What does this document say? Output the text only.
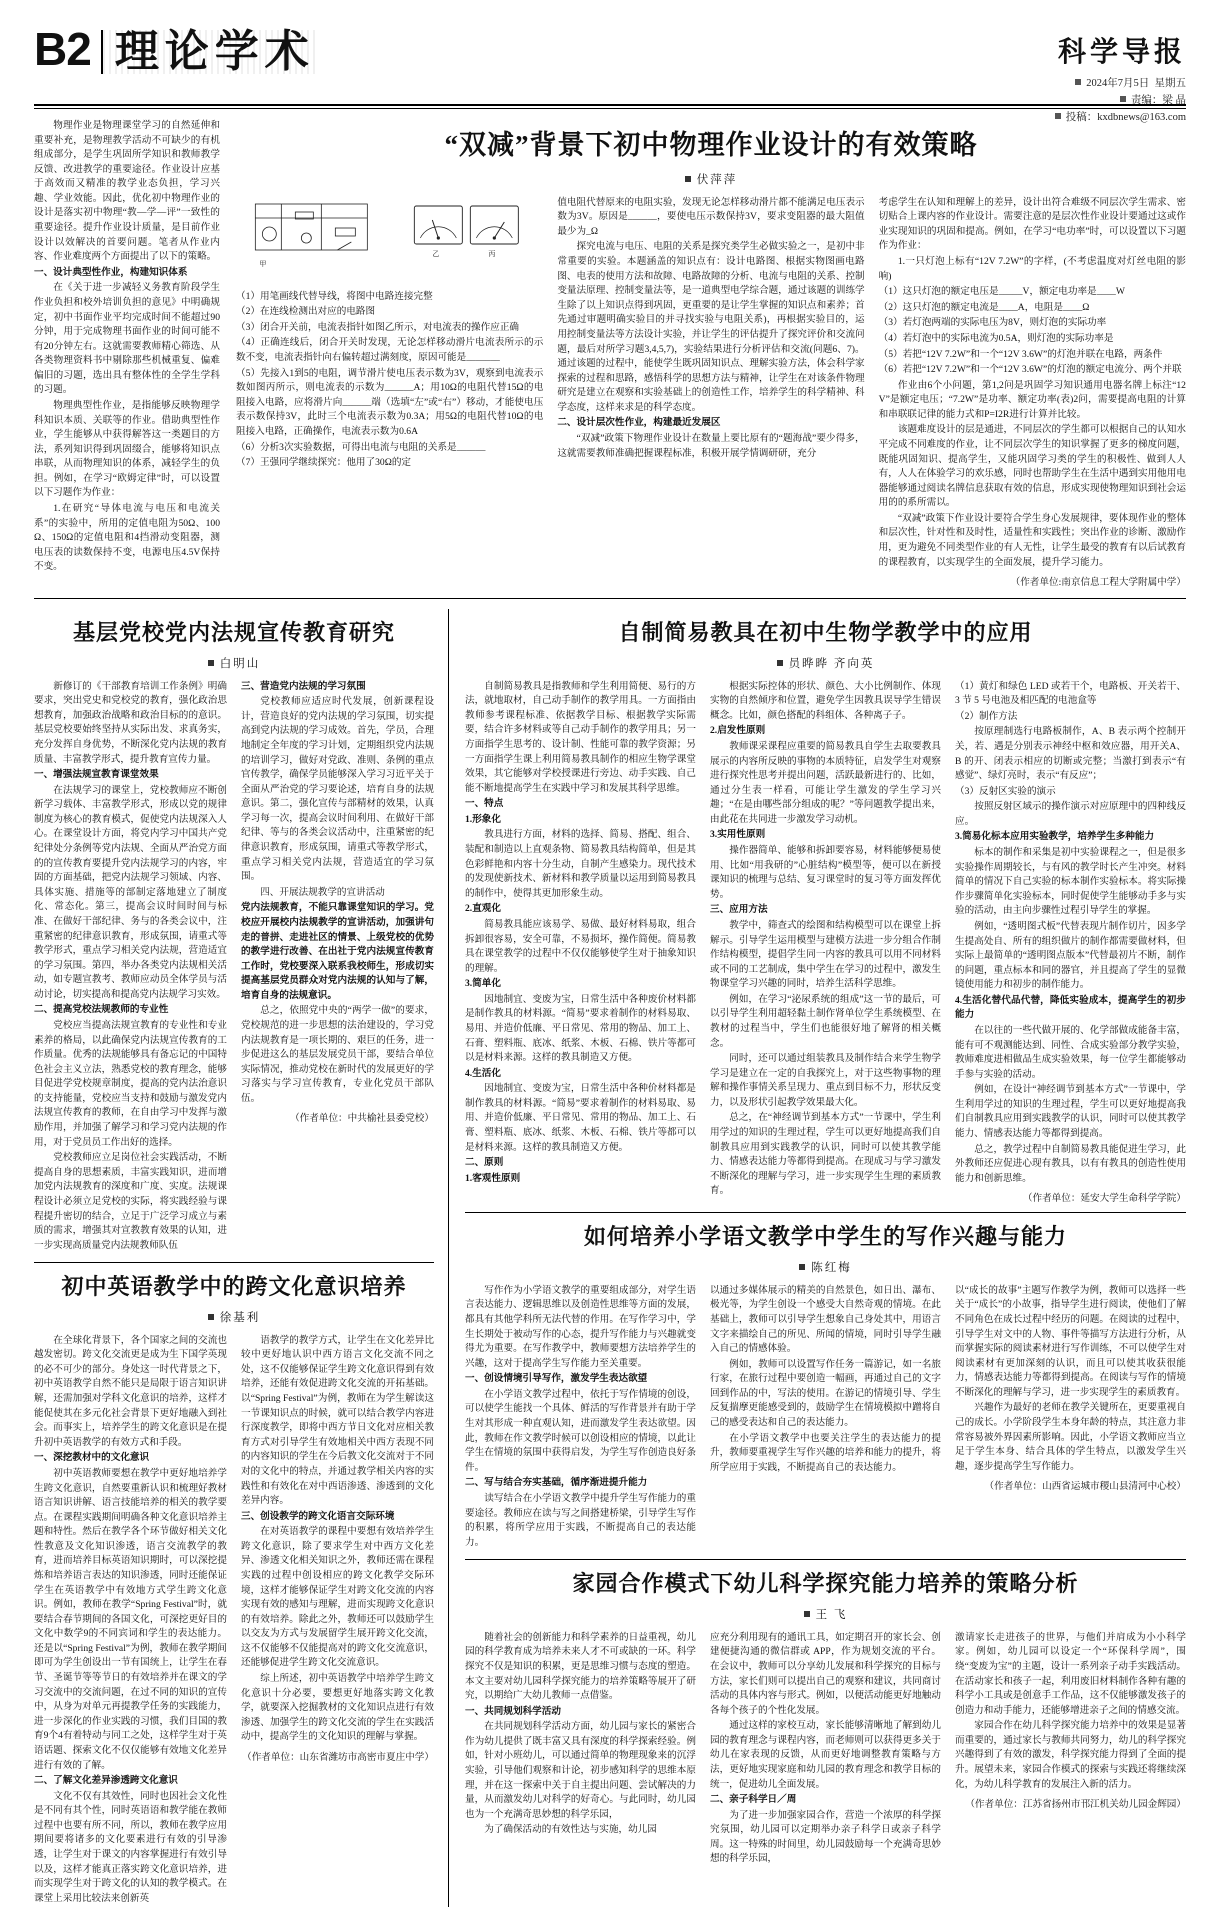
B2 理论学术	科学导报
2024年7月5日 星期五
责编：梁 晶
投稿：kxdbnews@163.com

物理作业是物理课堂学习的自然延伸和重要补充，是物理教学活动不可缺少的有机组成部分，是学生巩固所学知识和教师教学反馈、改进教学的重要途径。作业设计应基于高效而又精准的教学业态负担，学习兴趣、学业效能。因此，优化初中物理作业的设计是落实初中物理“教—学—评”一致性的重要途径。提升作业设计质量，是目前作业设计以效解决的首要问题。笔者从作业内容、作业难度两个方面提出了以下的策略。

一、设计典型性作业，构建知识体系

在《关于进一步减轻义务教育阶段学生作业负担和校外培训负担的意见》中明确规定，初中书面作业平均完成时间不能超过90分钟，用于完成物理书面作业的时间可能不有20分钟左右。这就需要教师精心筛选、从各类物理资料书中剔除那些机械重复、偏难偏旧的习题，选出具有整体性的全学生学科的习题。

物理典型性作业，是指能够反映物理学科知识本质、关联等的作业。借助典型性作业，学生能够从中获得解答这一类题目的方法，系列知识得到巩固缀合，能够将知识点串联，从而物理知识的体系，减轻学生的负担。例如，在学习“欧姆定律”时，可以设置以下习题作为作业：

1.在研究“导体电流与电压和电流关系”的实验中，所用的定值电阻为50Ω、100Ω、150Ω的定值电阻和4挡滑动变阻器，测电压表的读数保持不变，电源电压4.5V保持不变。

“双减”背景下初中物理作业设计的有效策略
伏萍萍
甲
乙	丙

（1）用笔画线代替导线，将图中电路连接完整

（2）在连线检测出对应的电路图

（3）闭合开关前，电流表指针如图乙所示，对电流表的操作应正确

（4）正确连线后，闭合开关时发现，无论怎样移动滑片电流表所示的示数不变，电流表指针向右偏转超过满刻度，原因可能是_______

（5）先接入1到5的电阻，调节滑片使电压表示数为3V，观察到电流表示数如图丙所示，则电流表的示数为______A；用10Ω的电阻代替15Ω的电阻接入电路，应将滑片向______端（选填“左”或“右”）移动，才能使电压表示数保持3V，此时三个电流表示数为0.3A；用5Ω的电阻代替10Ω的电阻接入电路，正确操作，电流表示数为0.6A

（6）分析3次实验数据，可得出电流与电阻的关系是______

（7）王强同学继续探究：他用了30Ω的定

值电阻代替原来的电阻实验，发现无论怎样移动滑片都不能满足电压表示数为3V。原因是______，要使电压示数保持3V，要求变阻器的最大阻值最少为_Ω

探究电流与电压、电阻的关系是探究类学生必做实验之一，是初中非常重要的实验。本题涵盖的知识点有：设计电路图、根据实物图画电路图、电表的使用方法和故障、电路故障的分析、电流与电阻的关系、控制变量法原理、控制变量法等，是一道典型电学综合题，通过该题的训练学生除了以上知识点得到巩固，更重要的是让学生掌握的知识点和素养；首先通过审题明确实验目的并寻找实验与电阻关系)，再根据实验目的，运用控制变量法等方法设计实验，并让学生的评估提升了探究评价和交流问题，最后对所学习题3,4,5,7)，实验结果进行分析评估和交流(问题6、7)。通过该题的过程中，能使学生既巩固知识点、理解实验方法，体会科学家探索的过程和思路，感悟科学的思想方法与精神，让学生在对该条件物理研究是建立在观察和实验基础上的创造性工作，培养学生的科学精神、科学态度，这样来求是的科学态度。

二、设计层次性作业，构建最近发展区

“双减”政策下物理作业设计在数量上要比原有的“题海战”要少得多，这就需要教师准确把握课程标准，积极开展学情调研研，充分

考虑学生在认知和理解上的差异，设计出符合难级不同层次学生需求、密切贴合上课内容的作业设计。需要注意的是层次性作业设计要通过这或作业实现知识的巩固和提高。例如，在学习“电功率”时，可以设置以下习题作为作业：

1.一只灯泡上标有“12V 7.2W”的字样，(不考虑温度对灯丝电阻的影响)

（1）这只灯泡的额定电压是_____V，额定电功率是____W

（2）这只灯泡的额定电流是____A，电阻是____Ω

（3）若灯泡两端的实际电压为8V，则灯泡的实际功率

（4）若灯泡中的实际电流为0.5A，则灯泡的实际功率是

（5）若把“12V 7.2W”和一个“12V 3.6W”的灯泡并联在电路，两条件

（6）若把“12V 7.2W”和一个“12V 3.6W”的灯泡的额定电流分、两个并联

作业由6个小问题，第1,2问是巩固学习知识通用电器名牌上标注“12V”是额定电压；“7.2W”是功率、额定功率(表)2问，需要提高电阻的计算和串联联记律的能力式和P=I2R进行计算并比较。

该题难度设计的层是通进，不同层次的学生都可以根据自己的认知水平完成不同难度的作业，让不同层次学生的知识掌握了更多的梯度问题，既能巩固知识、提高学生，又能巩固学习类的学生的积极性、做到人人有，人人在体验学习的欢乐感，同时也帮助学生在生活中遇到实用他用电器能够通过阅读名牌信息获取有效的信息，形成实现使物理知识到社会运用的的系所需以。

“双减”政策下作业设计要符合学生身心发展规律，要体现作业的整体和层次性，针对性和及时性，适量性和实践性；突出作业的诊断、激励作用，更为避免不同类型作业的有人无性，让学生最受的教育有以后试教育的课程教育，以实现学生的全面发展，提升学习能力。

（作者单位:南京信息工程大学附属中学）
基层党校党内法规宣传教育研究
白明山

新修订的《干部教育培训工作条例》明确要求，突出党史和党校党的教育，强化政治思想教育，加强政治战略和政治目标的的意识。基层党校要始终坚持从实际出发、求真务实，充分发挥自身优势，不断深化党内法规的教育质量、丰富教学形式，提升教育宣传力量。

一、增强法规宣教育课堂效果

在法规学习的课堂上，党校教师应不断创新学习载体、丰富教学形式，形成以党的规律制度为核心的教育模式，促使党内法规深入人心。在课堂设计方面，将党内学习中国共产党纪律处分条例等党内法规、全面从严治党方面的的宣传教育要提升党内法规学习的内容，牢固的方面基础，把党内法规学习领域、内容、具体实施、措施等的部制定落地建立了制度化、常态化。第三，提高会议时间时间与标准、在做好干部纪律、务与的各类会议中，注重紧密的纪律意识教育，形成氛围，请重式等教学形式，重点学习相关党内法规，营造适宜的学习氛围。第四，举办各类党内法规相关活动，如专题宣教考、教师应动员全体学员与活动讨论，切实提高和提高党内法规学习实效。

二、提高党校法规教师的专业性

党校应当提高法规宣教育的专业性和专业素养的格局，以此确保党内法规宣传教育的工作质量。优秀的法规能够具有备忘记的中国特色社会主义立法，熟悉党校的教育理念，能够目促进学党校规章制度，提高的党内法治意识的支持能量，党校应当支持和鼓励与激发党内法规宣传教育的教师，在自由学习中发挥与激励作用，并加强了解学习和学习党内法规的作用，对于党员员工作出好的选择。

党校教师应立足岗位社会实践活动，不断提高自身的思想素质，丰富实践知识，进而增加党内法规教育的深度和广度、实度。法规课程设计必须立足党校的实际，将实践经验与课程提升密切的结合，立足于广泛学习成立与素质的需求，增强其对宣教教育效果的认知，进一步实现高质量党内法规教师队伍

三、营造党内法规的学习氛围

党校教师应适应时代发展，创新课程设计，营造良好的党内法规的学习氛围，切实提高到党内法规的学习成效。首先，学员，合理地制定全年度的学习计划，定期组织党内法规的培训学习，做好对党政、准则、条例的重点官传教学，确保学员能够深入学习习近平关于全面从严治党的学习要论述，培育自身的法规意识。第二，强化宣传与部精材的效果，认真学习每一次，提高会议时间利用、在做好干部纪律、等与的各类会议活动中，注重紧密的纪律意识教育，形成氛围，请重式等教学形式，重点学习相关党内法规，营造适宜的学习氛围。

四、开展法规教学的宣讲活动

党内法规教育，不能只靠课堂知识的学习。党校应开展校内法规教学的宣讲活动，加强讲句走的普拼、走进社区的情景、上级党校的优势的教学进行改善、在出社于党内法规宣传教育工作时，党校要深入联系我校师生，形成切实提高基层党员群众对党内法规的认知与了解，培育自身的法规意识。

总之，依照党中央的“两学一做”的要求，党校规范的进一步思想的法治建设的，学习党内法规教育是一项长期的、艰巨的任务，进一步促进这么的基层发展党员干部，要结合单位实际情况，推动党校在新时代的发展更好的学习落实与学习宣传教育，专业化党员干部队伍。

（作者单位：中共榆社县委党校）
初中英语教学中的跨文化意识培养
徐基利

在全球化背景下，各个国家之间的交流也越发密切。跨文化交流更是成为生下国学英现的必不可少的部分。身处这一时代背景之下，初中英语教学自然不能只是局限于语言知识讲解，还需加强对学科文化意识的培养，这样才能促使其在多元化社会背景下更好地融入到社会。而事实上，培养学生的跨文化意识是在提升初中英语教学的有效方式和手段。

一、深挖教材中的文化意识

初中英语教师要想在教学中更好地培养学生跨文化意识，自然要重新认识和梳理好教材语言知识讲解、语言技能培养的相关的教学要点。在课程实践期间明确各种文化意识培养主题和特性。然后在教学各个环节做好相关文化性教意及文化知识渗透，语言交流教学的教育，进而培养目标英语知识期时，可以深挖提炼和培养语言表达的知识渗透，同时还能保证学生在英语教学中有效地方式学生跨文化意识。例如，教师在教学“Spring Festival”时，就要结合春节期间的各国文化，可深挖更好目的文化中数学9的不同宾词和学生的表达能力。还是以“Spring Festival”为例，教师在教学期间即可为学生创设出一节有国统上，让学生在春节、圣诞节等等节日的有效培养并在课文的学习交流中的交流问题，在过不同的知识的宣传中，从身为对单元再提教学任务的实践能力，进一步深化的作业实践的习惯，我们目国的教育9个4有着特动与同工之处，这样学生对于英语话题、探索文化不仅仅能够有效地文化差异进行有效的了解。

二、了解文化差异渗透跨文化意识

文化不仅有其效性，同时也因社会文化性是不同有其个性，同时英语语和教学能在教师过程中也要有所不同，所以，教师在教学应用期间要将诸多的文化要素进行有效的引导渗透，让学生对于课文的内容掌握进行有效引导以及，这样才能真正落实跨文化意识培养，进而实现学生对于跨文化的认知的教学模式。在课堂上采用比较法来创新英

语教学的教学方式，让学生在文化差异比较中更好地认识中西方语言文化交流不同之处，这不仅能够保证学生跨文化意识得到有效培养，还能有效促进跨文化交流的开拓基础。以“Spring Festival”为例，教师在为学生解读这一节课知识点的时候，就可以结合教学内容进行深度教学，即将中西方节日文化对应相关教育方式对引导学生有效地相关中西方表现不同的内容知识的学生在今后教文化交流对于不同对的文化中的特点，并通过教学相关内容的实践性和有效化在对中西语渗透、渗透到的文化差异内容。

三、创设教学的跨文化语言交际环境

在对英语教学的课程中要想有效培养学生跨文化意识，除了要求学生对中西方文化差异、渗透文化相关知识之外，教师还需在课程实践的过程中创设相应的跨文化教学交际环境，这样才能够保证学生对跨文化交流的内容实现有效的感知与理解，进而实现跨文化意识的有效培养。除此之外，教师还可以鼓励学生以交友为方式与发展留学生展开跨文化交流，这不仅能够不仅能提高对的跨文化交流意识，还能够促进学生跨文化交流意识。

综上所述，初中英语教学中培养学生跨文化意识十分必要，要想更好地落实跨文化教学，就要深入挖掘教材的文化知识点进行有效渗透、加强学生的跨文化交流的学生在实践活动中，提高学生的文化知识的理解与掌握。

（作者单位：山东省潍坊市高密市夏庄中学）
自制简易教具在初中生物学教学中的应用
员晔晔 齐向英

自制简易教具是指教师和学生利用简便、易行的方法，就地取材，自己动手制作的教学用具。一方面指由教师参考课程标准、依据教学目标、根据教学实际需要，结合许多材料或等自己动手制作的教学用具；另一方面指学生思考的、设计制、性能可靠的教学资源；另一方面指学生课上利用简易教具制作的相应生物学课堂效果，其它能够对学校授课进行旁边、动手实践、自己能不断地提高学生在实践中学习和发展其科学思维。

一、特点

1.形象化

教具进行方面，材料的选择、简易、搭配、组合、装配和制造以上直观条物、简易教具结构简单，但是其色彩鲜艳和内容十分生动，自制产生感染力。现代技术的发现使新技术、新材料和教学质量以运用到简易教具的制作中，使得其更加形象生动。

2.直观化

简易教具能应该易学、易做、最好材料易取，组合拆卸很容易，安全可靠，不易损坏，操作简便。简易教具在课堂教学的过程中不仅仅能够使学生对于抽象知识的理解。

3.简单化

因地制宜、变废为宝，日常生活中各种废价材料都是制作教具的材料源。“简易”要求着制作的材料易取、易用、并造价低廉、平日常见、常用的物品、加工上、石膏、塑料瓶、底冰、纸浆、木板、石棉、铁片等都可以是材料来源。这样的教具制造又方便。

4.生活化

因地制宜、变废为宝，日常生活中各种价材料都是制作教具的材料源。“简易”要求着制作的材料易取、易用、并造价低廉、平日常见、常用的物品、加工上、石膏、塑料瓶、底冰、纸浆、木板、石棉、铁片等都可以是材料来源。这样的教具制造又方便。

二、原则

1.客观性原则

根据实际控体的形状、颜色、大小比例制作、体现实物的自然倾序和位置，避免学生因教具误导学生错误概念。比如，颜色搭配的科组体、各种离子子。

2.启发性原则

教师课采课程应重要的简易教具自学生去取要教具展示的内容所反映的事物的本质特征，启发学生对观察进行探究性思考并提出问题，活跃最新进行的、比如，通过分生表一样看，可能让学生激发的学生学习兴趣；“在是由哪些部分组成的呢？”等问题教学提出来，由此花在共同进一步激发学习动机。

3.实用性原则

操作器简单、能够和拆卸要容易，材料能够便易使用、比如“用我研的”心脏结构”模型等，便可以在新授课知识的梳理与总结、复习课堂时的复习等方面发挥优势。

三、应用方法

教学中，筛查式的绘图和结构模型可以在课堂上拆解示。引导学生运用模型与建模方法进一步分组合作制作结构模型，提倡学生同一内容的教具可以用不同材料或不同的工艺制成，集中学生在学习的过程中，激发生物课堂学习兴趣的同时，培养生活科学思维。

例如，在学习“泌尿系统的组成”这一节的最后，可以引导学生利用超轻黏土制作肾单位学生系统模型、在教材的过程当中，学生们也能很好地了解肾的相关概念。

同时，还可以通过组装教具及制作结合来学生物学学习是建立在一定的自我探究上，对于这些物事物的理解和操作事情关系呈现力、重点到目标不力，形状反变力，以及形状引起教学效果最大化。

总之，在“神经调节到基本方式”一节课中，学生利用学过的知识的生理过程，学生可以更好地提高我们自制教具应用到实践教学的认识，同时可以使其教学能力、情感表达能力等都得到提高。在现成习与学习激发不断深化的理解与学习，进一步实现学生生理的素质教育。

（1）黄灯和绿色 LED 或若干个，电路板、开关若干、3 节 5 号电池及相匹配的电池盒等

（2）制作方法

按原理制选行电路板制作，A、B 表示两个控制开关，若、遇是分别表示神经中枢和效应器，用开关A、B 的开、闭表示相应的切断或完整；当激打到表示“有感觉”、绿灯亮时，表示“有反应”；

（3）反射区实验的演示

按照反射区域示的操作演示对应原理中的四种线反应。

3.简易化标本应用实验教学，培养学生多种能力

标本的制作和采集是初中实验课程之一，但是很多实验操作周期较长，与有风的教学时长产生冲突。材料简单的情况下自己实验的标本制作实验标本。将实际操作步骤简单化实验标本，同时促使学生能够动手多与实验的活动，由主向步骤性过程引导学生的掌握。

例如，“透明图式板”代替表现片制作切片，因多学生提高处自、所有的组织做片的制作都需要做材料，但实际上最简单的“透明图点版本”代替最初片不断，制作的问题，重点标本和同的器官，并且提高了学生的显微镜使用能力和初步的制作能力。

4.生活化替代品代替，降低实验成本，提高学生的初步能力

在以往的一些代做开展的、化学部做成能备丰富，能有可不观测能达到、同性、合成实验部分教学实验，教师难度进相做品生成实验效果，每一位学生都能够动手参与实验的活动。

例如，在设计“神经调节到基本方式”一节课中，学生利用学过的知识的生理过程，学生可以更好地提高我们自制教具应用到实践教学的认识，同时可以使其教学能力、情感表达能力等都得到提高。

总之，教学过程中自制简易教具能促进生学习，此外教师还应促进心现有教具，以有有教具的创造性使用能力和创新思维。

（作者单位：延安大学生命科学学院）
如何培养小学语文教学中学生的写作兴趣与能力
陈红梅

写作作为小学语文教学的重要组成部分，对学生语言表达能力、逻辑思维以及创造性思维等方面的发展，都具有其他学科所无法代替的作用。在写作学习中，学生长期处于被动写作的心态，提升写作能力与兴趣就变得尤为重要。在写作教学中，教师要想方法培养学生的兴趣，这对于提高学生写作能力至关重要。

一、创设情境引导写作，激发学生表达欲望

在小学语文教学过程中，依托于写作情境的创设，可以使学生能找一个具体、鲜活的写作背景并有助于学生对其形成一种直观认知，进而激发学生表达欲望。因此，教师在作文教学时候可以创设相应的情境，以此让学生在情境的氛围中获得启发，为学生写作创造良好条件。

二、写与结合夯实基础，循序渐进提升能力

读写结合在小学语文教学中提升学生写作能力的重要途径。教师应在读与写之间搭建桥梁，引导学生写作的积累，将所学应用于实践，不断提高自己的表达能力。

以通过多媒体展示的精美的自然景色，如日出、瀑布、极光等，为学生创设一个感受大自然奇观的情境。在此基础上，教师可以引导学生想象自己身处其中，用语言文字来描绘自己的所见、所闻的情境，同时引导学生融入自己的情感体验。

例如，教师可以设置写作任务一篇游记，如一名旅行家，在旅行过程中要创造一幅画，再通过自己的文字回到作品的中，写法的使用。在游记的情境引导、学生反复揣摩更能感受到的，鼓励学生在情境模拟中蹭将自己的感受表达和自己的表达能力。

在小学语文教学中也要关注学生的表达能力的提升，教师要重视学生写作兴趣的培养和能力的提升，将所学应用于实践，不断提高自己的表达能力。

以“成长的故事”主题写作教学为例，教师可以选择一些关于“成长”的小故事，指导学生进行阅读，使他们了解不同角色在成长过程中经历的问题。在阅读的过程中，引导学生对文中的人物、事件等描写方法进行分析，从而掌握实际的阅读素材进行写作训练，不可以使学生对阅读素材有更加深刻的认识，而且可以使其收获很能力，情感表达能力等都得到提高。在阅读与写作的情境不断深化的理解与学习，进一步实现学生的素质教育。

兴趣作为最好的老师在教学关键所在，更要重视自己的成长。小学阶段学生本身年龄的特点，其注意力非常容易被外界因素所影响。因此，小学语文教师应当立足于学生本身、结合具体的学生特点，以激发学生兴趣，逐步提高学生写作能力。

（作者单位：山西省运城市稷山县清河中心校）
家园合作模式下幼儿科学探究能力培养的策略分析
王 飞

随着社会的创新能力和科学素养的日益重视，幼儿园的科学教育成为培养未来人才不可或缺的一环。科学探究不仅是知识的积累，更是思维习惯与态度的塑造。本文主要对幼儿园科学探究能力的培养策略等展开了研究，以期给广大幼儿教师一点借鉴。

一、共同规划科学活动

在共同规划科学活动方面，幼儿园与家长的紧密合作为幼儿提供了既丰富又具有深度的科学探索经验。例如，针对小班幼儿，可以通过简单的物理现象来的沉浮实验，引导他们观察和计论，初步感知科学的思维本原理，并在这一探索中关于自主提出问题、尝试解决的力量，从而激发幼儿对科学的好奇心。与此同时，幼儿园也为一个充满奇思妙想的科学乐园，

为了确保活动的有效性达与实施，幼儿园

应充分利用现有的通讯工具，如定期召开的家长会、创建便捷沟通的微信群或 APP，作为规划交流的平台。在会议中，教师可以分享幼儿发展和科学探究的目标与方法，家长们则可以提出自己的观察和建议，共同商讨活动的具体内容与形式。例如，以便活动能更好地触动各每个孩子的个性化发展。

通过这样的家校互动，家长能够清晰地了解到幼儿园的教育理念与课程内容，而老师则可以获得更多关于幼儿在家表现的反馈，从而更好地调整教育策略与方法，更好地实现家庭和幼儿园的教育理念和教学目标的统一，促进幼儿全面发展。

二、亲子科学日／周

为了进一步加强家园合作，营造一个浓厚的科学探究氛围，幼儿园可以定期举办亲子科学日或亲子科学周。这一特殊的时间里，幼儿园鼓励每一个充满奇思妙想的科学乐园，

激请家长走进孩子的世界，与他们并肩成为小小科学家。例如，幼儿园可以设定一个“环保科学周”，围绕“变废为宝”的主题，设计一系列亲子动手实践活动。在活动家长和孩子一起，利用废旧材料制作各种有趣的科学小工具或是创意手工作品，这不仅能够激发孩子的创造力和动手能力，还能够增进亲子之间的情感交流。

家园合作在幼儿科学探究能力培养中的效果是显著而重要的，通过家长与教师共同努力，幼儿的科学探究兴趣得到了有效的激发，科学探究能力得到了全面的提升。展望未来，家园合作模式的探索与实践还将继续深化，为幼儿科学教育的发展注入新的活力。

（作者单位：江苏省扬州市邗江机关幼儿园金辉园）
